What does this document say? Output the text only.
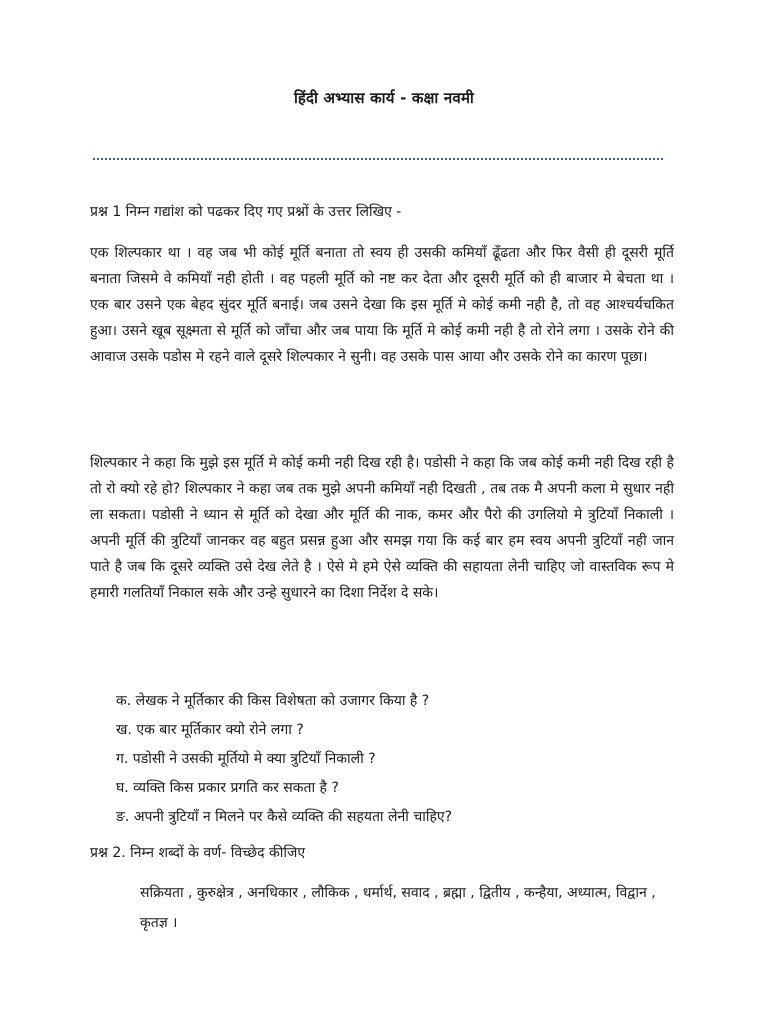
हिंदी अभ्यास कार्य - कक्षा नवमी
प्रश्न 1 निम्न गद्यांश को पढकर दिए गए प्रश्नों के उत्तर लिखिए -

एक शिल्पकार था । वह जब भी कोई मूर्ति बनाता तो स्वय ही उसकी कमियाँ ढूँढता और फिर वैसी ही दूसरी मूर्ति बनाता जिसमे वे कमियाँ नही होती । वह पहली मूर्ति को नष्ट कर देता और दूसरी मूर्ति को ही बाजार मे बेचता था । एक बार उसने एक बेहद सुंदर मूर्ति बनाई। जब उसने देखा कि इस मूर्ति मे कोई कमी नही है, तो वह आश्चर्यचकित हुआ। उसने खूब सूक्ष्मता से मूर्ति को जाँचा और जब पाया कि मूर्ति मे कोई कमी नही है तो रोने लगा । उसके रोने की आवाज उसके पडोस मे रहने वाले दूसरे शिल्पकार ने सुनी। वह उसके पास आया और उसके रोने का कारण पूछा।

शिल्पकार ने कहा कि मुझे इस मूर्ति मे कोई कमी नही दिख रही है। पडोसी ने कहा कि जब कोई कमी नही दिख रही है तो रो क्यो रहे हो? शिल्पकार ने कहा जब तक मुझे अपनी कमियाँ नही दिखती , तब तक मै अपनी कला मे सुधार नही ला सकता। पडोसी ने ध्यान से मूर्ति को देखा और मूर्ति की नाक, कमर और पैरो की उगलियो मे त्रुटियाँ निकाली । अपनी मूर्ति की त्रुटियाँ जानकर वह बहुत प्रसन्न हुआ और समझ गया कि कई बार हम स्वय अपनी त्रुटियाँ नही जान पाते है जब कि दूसरे व्यक्ति उसे देख लेते है । ऐसे मे हमे ऐसे व्यक्ति की सहायता लेनी चाहिए जो वास्तविक रूप मे हमारी गलतियाँ निकाल सके और उन्हे सुधारने का दिशा निर्देश दे सके।

क. लेखक ने मूर्तिकार की किस विशेषता को उजागर किया है ?
ख. एक बार मूर्तिकार क्यो रोने लगा ?
ग. पडोसी ने उसकी मूर्तियो मे क्या त्रुटियाँ निकाली ?
घ. व्यक्ति किस प्रकार प्रगति कर सकता है ?
ङ. अपनी त्रुटियाँ न मिलने पर कैसे व्यक्ति की सहयता लेनी चाहिए?
प्रश्न 2. निम्न शब्दों के वर्ण- विच्छेद कीजिए
सक्रियता , कुरुक्षेत्र , अनधिकार , लौकिक , धर्मार्थ, सवाद , ब्रह्मा , द्वितीय , कन्हैया, अध्यात्म, विद्वान , कृतज्ञ ।
